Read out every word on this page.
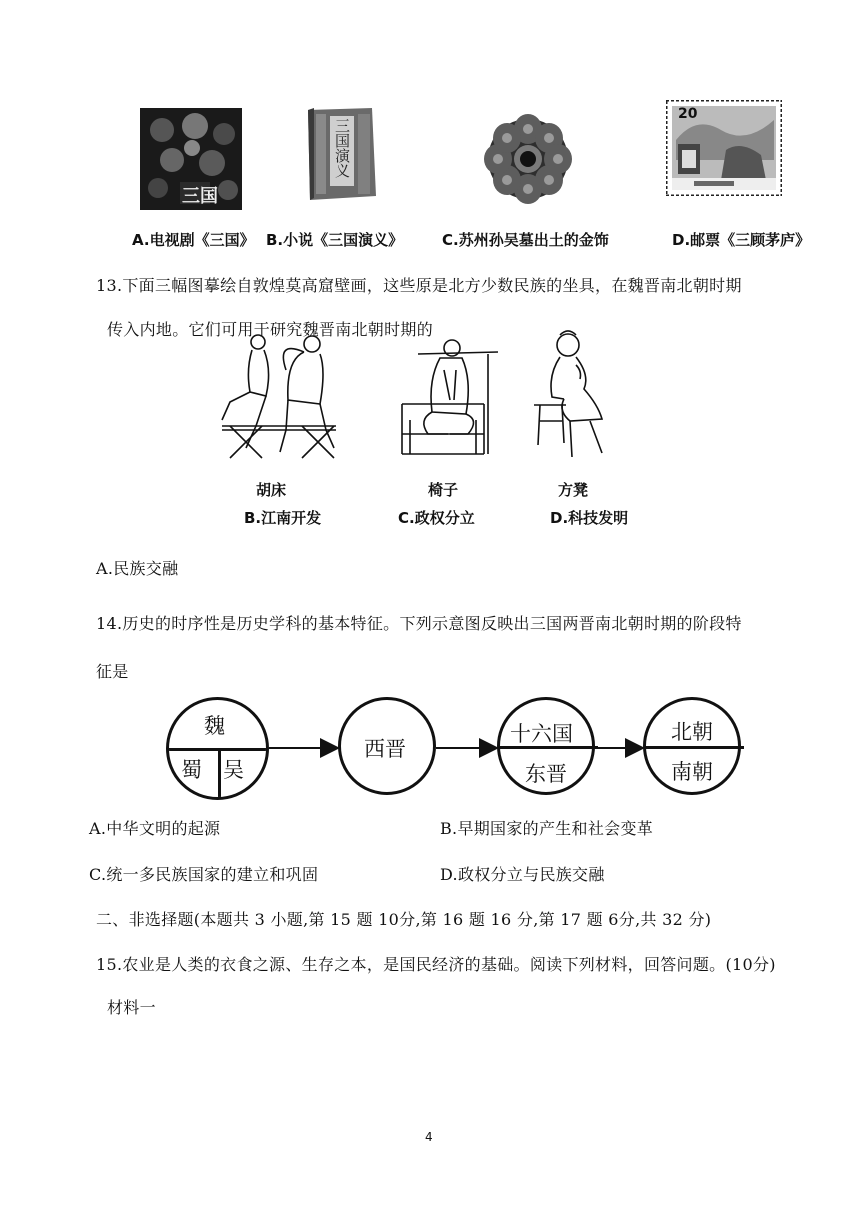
三国
三国演义
20
A.电视剧《三国》 B.小说《三国演义》	C.苏州孙吴墓出土的金饰	D.邮票《三顾茅庐》
13.下面三幅图摹绘自敦煌莫高窟壁画，这些原是北方少数民族的坐具，在魏晋南北朝时期
传入内地。它们可用于研究魏晋南北朝时期的
胡床	椅子	方凳
B.江南开发	C.政权分立	D.科技发明
A.民族交融
14.历史的时序性是历史学科的基本特征。下列示意图反映出三国两晋南北朝时期的阶段特
征是
魏
蜀 吴
西晋
十六国
东晋
北朝
南朝
A.中华文明的起源	B.早期国家的产生和社会变革
C.统一多民族国家的建立和巩固	D.政权分立与民族交融
二、非选择题(本题共 3 小题,第 15 题 10分,第 16 题 16 分,第 17 题 6分,共 32 分)
15.农业是人类的衣食之源、生存之本，是国民经济的基础。阅读下列材料，回答问题。(10分)
材料一
4
